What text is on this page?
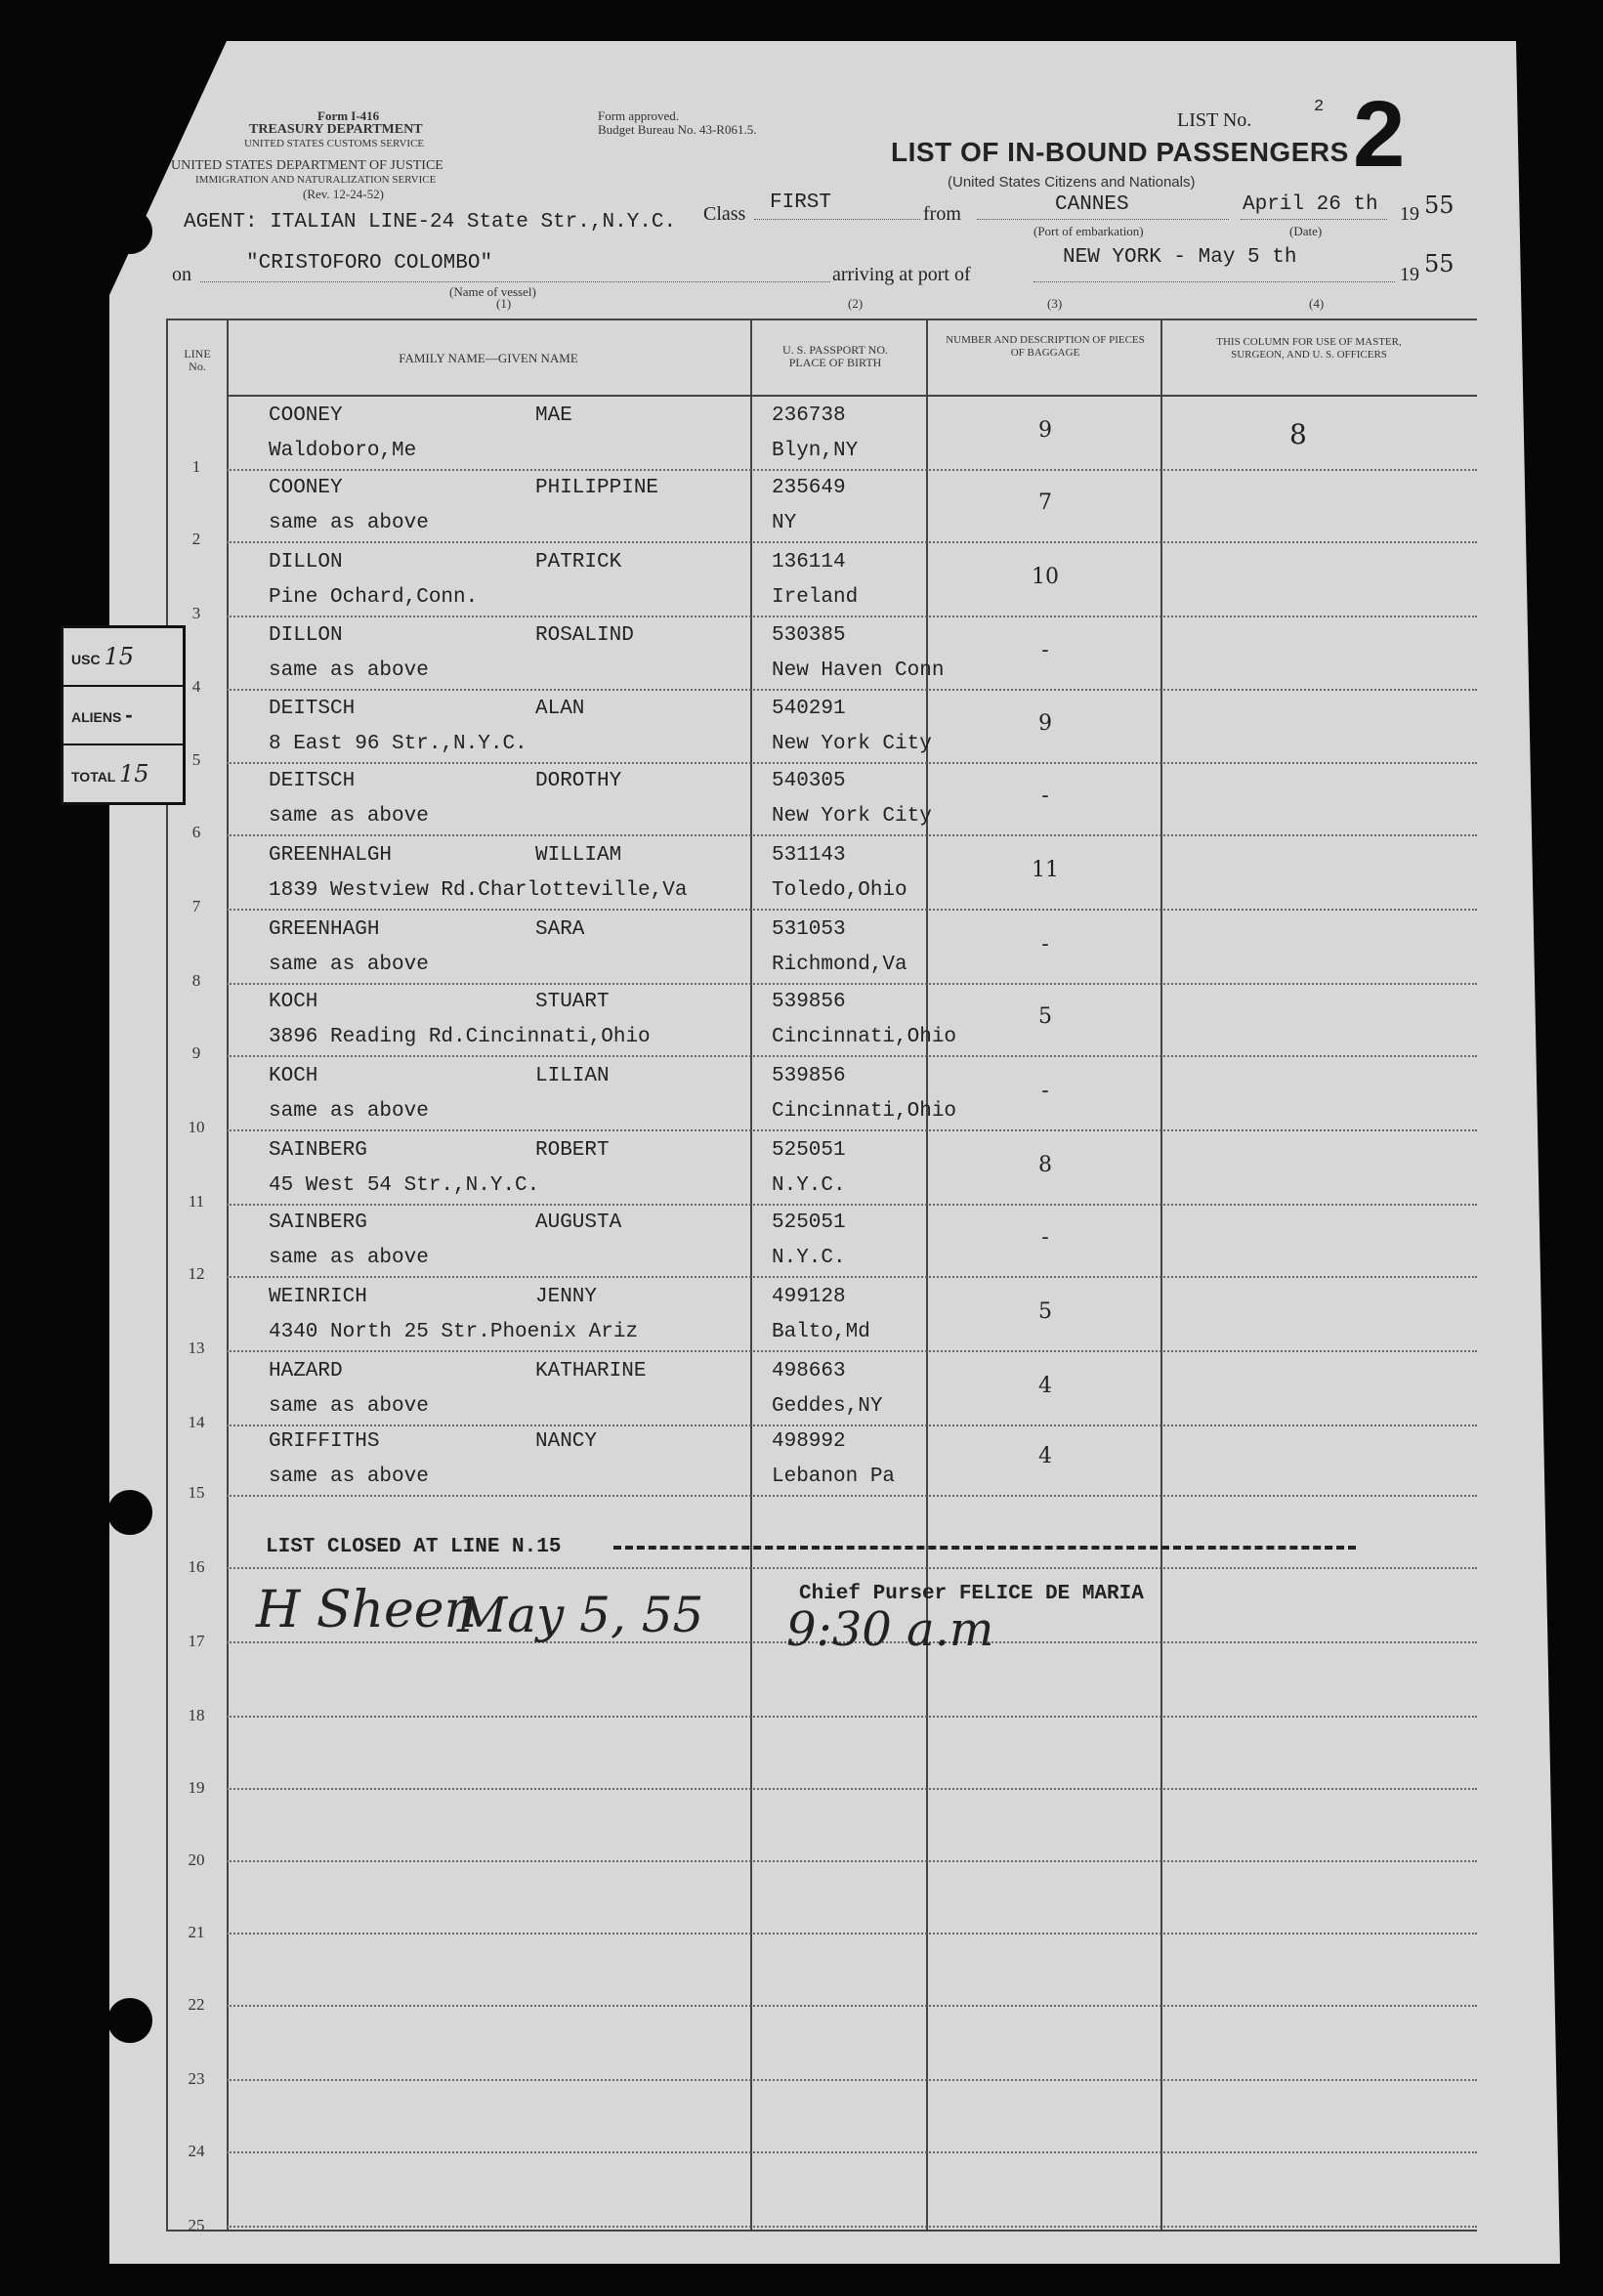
Form I-416
TREASURY DEPARTMENT
UNITED STATES CUSTOMS SERVICE
UNITED STATES DEPARTMENT OF JUSTICE
IMMIGRATION AND NATURALIZATION SERVICE
(Rev. 12-24-52)
Form approved.
Budget Bureau No. 43-R061.5.
LIST OF IN-BOUND PASSENGERS
(United States Citizens and Nationals)
LIST No.
2 2
AGENT: ITALIAN LINE-24 State Str.,N.Y.C. Class FIRST	from	CANNES
(Port of embarkation)
April 26 th 19 55
(Date)
on	"CRISTOFORO COLOMBO"
(Name of vessel)
arriving at port of
NEW YORK - May 5 th
19 55
(1)	(2)	(3)	(4)
LINE No.
FAMILY NAME—GIVEN NAME
U. S. PASSPORT NO. PLACE OF BIRTH
NUMBER AND DESCRIPTION OF PIECES OF BAGGAGE
THIS COLUMN FOR USE OF MASTER, SURGEON, AND U. S. OFFICERS
1
COONEY	MAE
Waldoboro,Me
236738
Blyn,NY
9	8
2
COONEY	PHILIPPINE
same as above
235649
NY
7
3
DILLON	PATRICK
Pine Ochard,Conn.
136114
Ireland
10
4
DILLON	ROSALIND
same as above
530385
New Haven Conn
-
5
DEITSCH	ALAN
8 East 96 Str.,N.Y.C.
540291
New York City
9
6
DEITSCH	DOROTHY
same as above
540305
New York City
-
7
GREENHALGH	WILLIAM
1839 Westview Rd.Charlotteville,Va
531143
Toledo,Ohio
11
8
GREENHAGH	SARA
same as above
531053
Richmond,Va
-
9
KOCH	STUART
3896 Reading Rd.Cincinnati,Ohio
539856
Cincinnati,Ohio
5
10
KOCH	LILIAN
same as above
539856
Cincinnati,Ohio
-
11
SAINBERG	ROBERT
45 West 54 Str.,N.Y.C.
525051
N.Y.C.
8
12
SAINBERG	AUGUSTA
same as above
525051
N.Y.C.
-
13
WEINRICH	JENNY
4340 North 25 Str.Phoenix Ariz
499128
Balto,Md
5
14
HAZARD	KATHARINE
same as above
498663
Geddes,NY
4
15
GRIFFITHS	NANCY
same as above
498992
Lebanon Pa
4
16
17
18
19
20
21
22
23
24
25
LIST CLOSED AT LINE N.15
Chief Purser FELICE DE MARIA
H Sheen
May 5, 55 9:30 a.m
USC 15
ALIENS -
TOTAL 15
